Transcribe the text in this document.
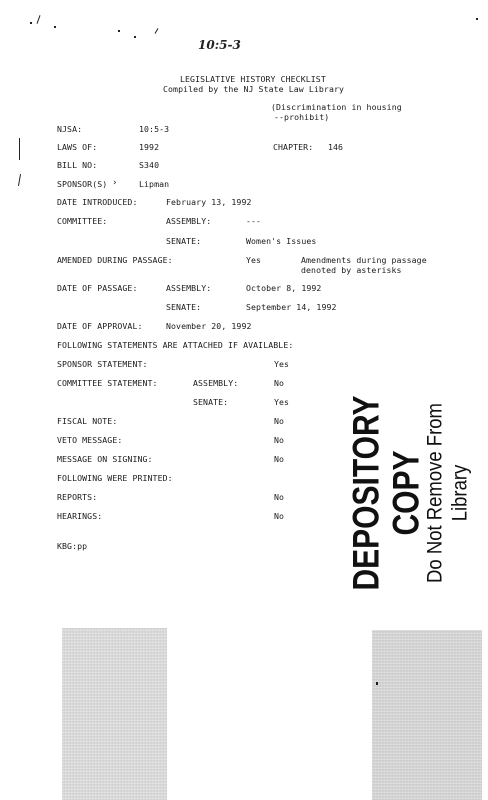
10:5-3
LEGISLATIVE HISTORY CHECKLIST
Compiled by the NJ State Law Library
(Discrimination in housing
--prohibit)
NJSA:	10:5-3
LAWS OF:	1992	CHAPTER: 146
BILL NO:	S340
SPONSOR(S) ›	Lipman
DATE INTRODUCED:	February 13, 1992
COMMITTEE:	ASSEMBLY:	---
SENATE:	Women's Issues
AMENDED DURING PASSAGE:	Yes	Amendments during passage
denoted by asterisks
DATE OF PASSAGE:	ASSEMBLY:	October 8, 1992
SENATE:	September 14, 1992
DATE OF APPROVAL:	November 20, 1992
FOLLOWING STATEMENTS ARE ATTACHED IF AVAILABLE:
SPONSOR STATEMENT:	Yes
COMMITTEE STATEMENT:	ASSEMBLY:	No
SENATE:	Yes
FISCAL NOTE:	No
VETO MESSAGE:	No
MESSAGE ON SIGNING:	No
FOLLOWING WERE PRINTED:
REPORTS:	No
HEARINGS:	No
KBG:pp	DEPOSITORY COPY
Do Not Remove From Library
